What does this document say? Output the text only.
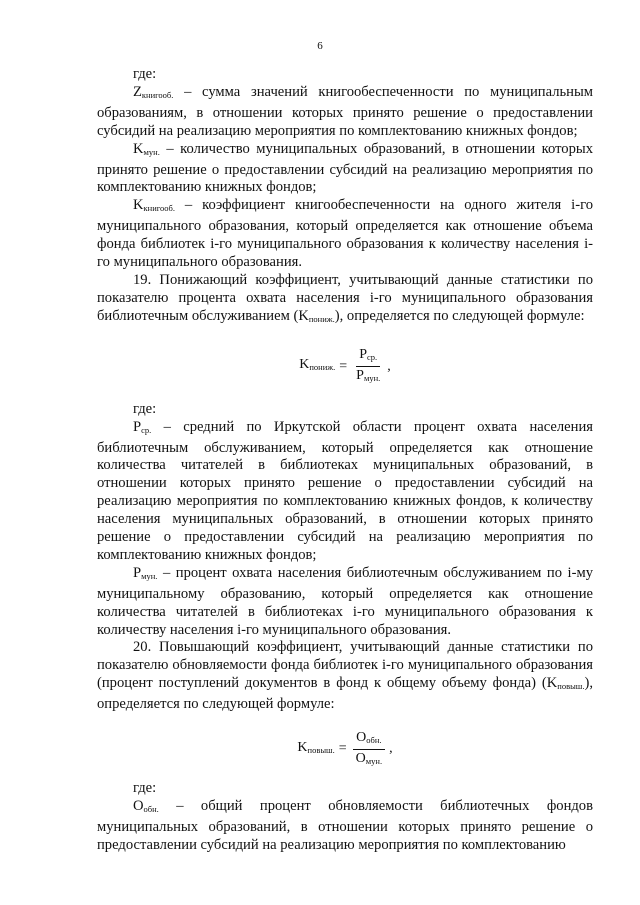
6

где:

$Z_{книгооб.}$ – сумма значений книгообеспеченности по муниципальным образованиям, в отношении которых принято решение о предоставлении субсидий на реализацию мероприятия по комплектованию книжных фондов;

$K_{мун.}$ – количество муниципальных образований, в отношении которых принято решение о предоставлении субсидий на реализацию мероприятия по комплектованию книжных фондов;

$K_{книгооб.}$ – коэффициент книгообеспеченности на одного жителя i-го муниципального образования, который определяется как отношение объема фонда библиотек i-го муниципального образования к количеству населения i-го муниципального образования.

19. Понижающий коэффициент, учитывающий данные статистики по показателю процента охвата населения i-го муниципального образования библиотечным обслуживанием $(K_{пониж.})$, определяется по следующей формуле:

$K_{пониж.} = \frac{P_{ср.}}{P_{мун.}}$ ,

где:

$P_{ср.}$ – средний по Иркутской области процент охвата населения библиотечным обслуживанием, который определяется как отношение количества читателей в библиотеках муниципальных образований, в отношении которых принято решение о предоставлении субсидий на реализацию мероприятия по комплектованию книжных фондов, к количеству населения муниципальных образований, в отношении которых принято решение о предоставлении субсидий на реализацию мероприятия по комплектованию книжных фондов;

$P_{мун.}$ – процент охвата населения библиотечным обслуживанием по i-му муниципальному образованию, который определяется как отношение количества читателей в библиотеках i-го муниципального образования к количеству населения i-го муниципального образования.

20. Повышающий коэффициент, учитывающий данные статистики по показателю обновляемости фонда библиотек i-го муниципального образования (процент поступлений документов в фонд к общему объему фонда) $(K_{повыш.})$, определяется по следующей формуле:

$K_{повыш.} = \frac{O_{обн.}}{O_{мун.}}$ ,

где:

$O_{обн.}$ – общий процент обновляемости библиотечных фондов муниципальных образований, в отношении которых принято решение о предоставлении субсидий на реализацию мероприятия по комплектованию
